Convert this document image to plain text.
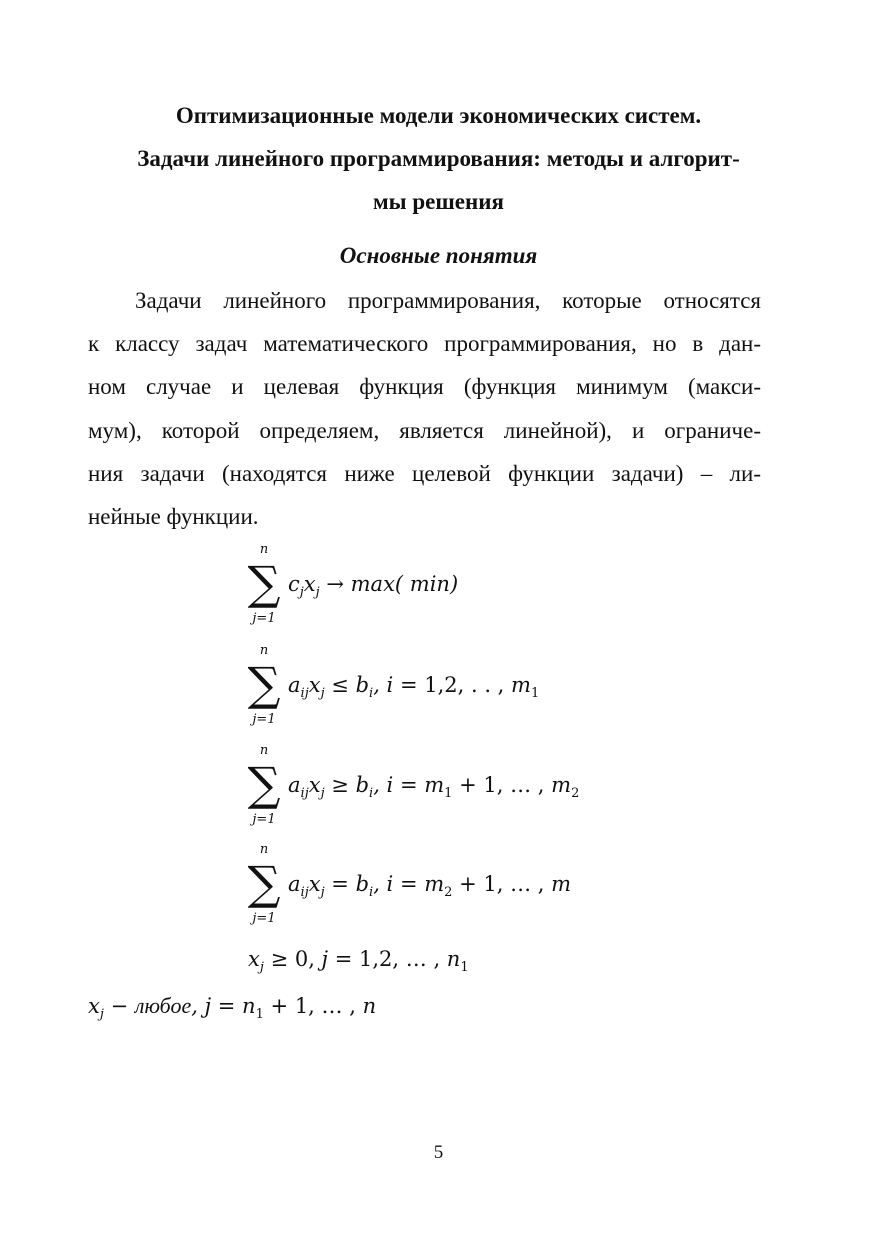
Оптимизационные модели экономических систем.
Задачи линейного программирования: методы и алгорит-
мы решения
Основные понятия
Задачи линейного программирования, которые относятся
к классу задач математического программирования, но в дан-
ном случае и целевая функция (функция минимум (макси-
мум), которой определяем, является линейной), и ограниче-
ния задачи (находятся ниже целевой функции задачи) – ли-
нейные функции.
n
∑
j=1
$c_jx_j \to \max$( min)
n
∑
j=1
$a_{ij}x_j \le b_i$, i = 1,2, . . , $m_1$
n
∑
j=1
$a_{ij}x_j \ge b_i$, $i = m_1 + 1$, … , $m_2$
n
∑
j=1
$a_{ij}x_j = b_i$, $i = m_2 + 1$, … , m
$x_j \ge 0$, j = 1,2, … , $n_1$
$x_j$ − любое, $j = n_1 + 1$, … , n
5
